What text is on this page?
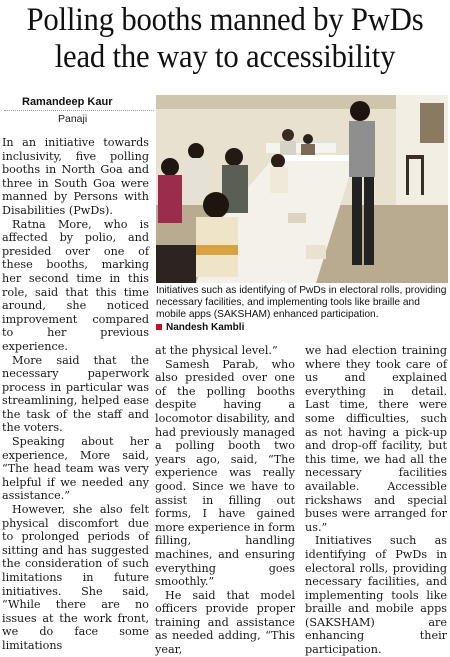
Polling booths manned by PwDs
lead the way to accessibility
Ramandeep Kaur
Panaji

In an initiative towards inclusivity, five polling booths in North Goa and three in South Goa were manned by Persons with Disabilities (PwDs).

Ratna More, who is affected by polio, and presided over one of these booths, marking her second time in this role, said that this time around, she noticed improvement compared to her previous experience.

More said that the necessary paperwork process in particular was streamlining, helped ease the task of the staff and the voters.

Speaking about her experience, More said, “The head team was very helpful if we needed any assistance.”

However, she also felt physical discomfort due to prolonged periods of sitting and has suggested the consideration of such limitations in future initiatives. She said, “While there are no issues at the work front, we do face some limitations

Initiatives such as identifying of PwDs in electoral rolls, providing necessary facilities, and implementing tools like braille and mobile apps (SAKSHAM) enhanced participation.
Nandesh Kambli

at the physical level.”

Samesh Parab, who also presided over one of the polling booths despite having a locomotor disability, and had previously managed a polling booth two years ago, said, “The experience was really good. Since we have to assist in filling out forms, I have gained more experience in form filling, handling machines, and ensuring everything goes smoothly.”

He said that model officers provide proper training and assistance as needed adding, “This year,

we had election training where they took care of us and explained everything in detail. Last time, there were some difficulties, such as not having a pick-up and drop-off facility, but this time, we had all the necessary facilities available. Accessible rickshaws and special buses were arranged for us.”

Initiatives such as identifying of PwDs in electoral rolls, providing necessary facilities, and implementing tools like braille and mobile apps (SAKSHAM) are enhancing their participation.
